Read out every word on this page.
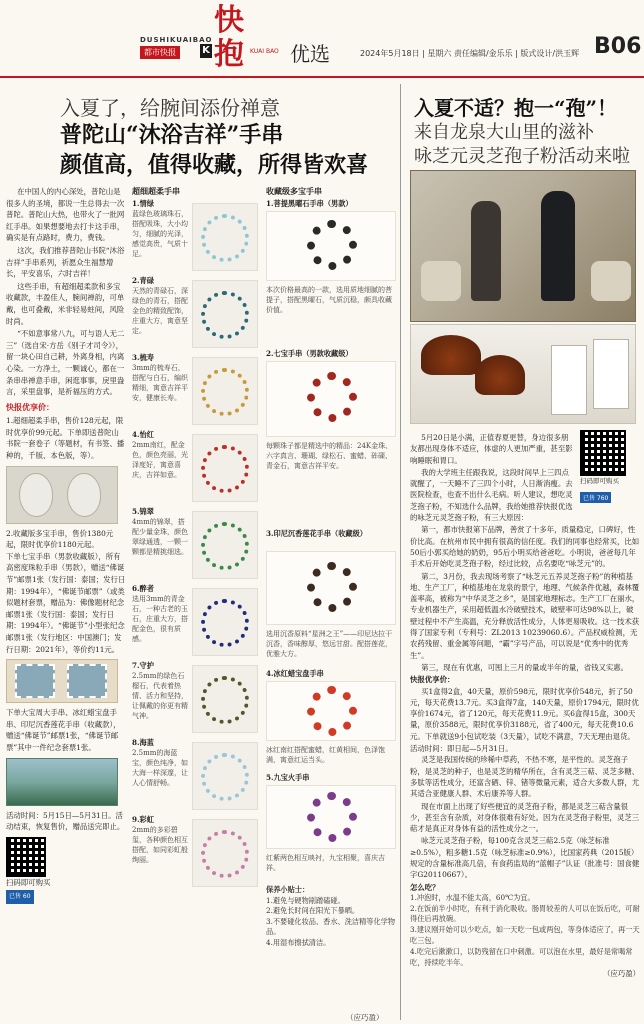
DUSHIKUAIBAO
都市快报	K
快
抱	KUAI BAO 优选	2024年5月18日 | 星期六 责任编辑/金乐乐 | 版式设计/洪玉辉 B06
入夏了，给腕间添份禅意
普陀山“沐浴吉祥”手串
颜值高，值得收藏，所得皆欢喜

在中国人的内心深处，普陀山是很多人的圣境，都说一生总得去一次普陀。普陀山大热，也带火了一批网红手串。如果想要地去打卡这手串，确实是有点路时，费力，费钱。

这次，我们推荐普陀山书院“沐浴吉祥”手串系列，祈愿众生福慧增长，平安喜乐，六时吉祥！

这些手串，有超细超柔款和多宝收藏款，丰盈佳人，腕间禅韵，可单戴，也可叠戴，米非轻易蛀间，风险时尚。

“不如意事常八九，可与语人无二三”（选自宋·方岳《别子才司令》），留一块心田自己耕，外离身相，内离心染。一方净土，一颗诚心，都在一条串串禅意手串，闲逛事事，戾里盎言，采里盘事，是祈福压的方式。

快报优享价：
1.超细超柔手串，售价128元起，限时优享价99元起。下单即送普陀山书院一套卷子（等题材，有书签、播种的，千版、本色版，等）。
2.收藏版多宝手串，售价1380元起，限时优享价1180元起。
下单七宝手串（男款收藏版），所有高密度珠粒手串（男款），赠送“佛诞节”邮票1张（发行国：泰国；发行日期：1994年），“佛诞节邮票”（或类似题材套票，赠品为：佛像题材纪念邮票1张（发行国：泰国；发行日期：1994年）。“佛诞节”小型张纪念邮票1张（发行地区：中国澳门；发行日期：2021年），等价约11元。
下单大宝周大手串、冰红蜡宝盘手串、印尼沉香莲花手串（收藏款），赠送“佛诞节”邮票1张，“佛诞节邮票”其中一件纪念套票1张。
活动时间：5月15日—5月31日。活动结束，恢复售价，赠品送完即止。
扫码即可购买
已售 60
超细超柔手串
1.情绿
蓝绿色玻璃珠石，搭配吸珠，大小均匀，细腻的光泽，感觉高贵，气质十足。
2.青碌
天然的青碌石，深绿色的青石，搭配金色的精致配饰，庄重大方，寓意坚定。
3.梳寿
3mm的梳寿石，搭配与白石，编织精细，寓意吉祥平安，健康长寿。
4.怡红
2mm南红，配金色，颜色亮丽，光泽度好，寓意喜庆，吉祥如意。
5.锦翠
4mm的锦翠，搭配少量金珠，颜色翠绿通透，一颗一颗都是精挑细选。
6.醉者
选用3mm的青金石，一种古老的玉石，庄重大方，搭配金色，很有质感。
7.守护
2.5mm的绿色石榴石，代表着热情、活力和坚持，让佩戴的你更有精气神。
8.海蓝
2.5mm的海蓝宝，颜色纯净，如大海一样深邃，让人心情舒畅。
9.彩虹
2mm的多彩碧玺，各种颜色相互搭配，如同彩虹般绚丽。
收藏级多宝手串
1.菩提黑曜石手串（男款）
本次价格最高的一款，选用质地细腻的菩提子，搭配黑曜石，气质沉稳，颇具收藏价值。
2.七宝手串（男款收藏级）
每颗珠子都是精选中的精品：24K金珠、六字真言、珊瑚、绿松石、蜜蜡、砗磲、青金石，寓意吉祥平安。
3.印尼沉香莲花手串（收藏级）
选用沉香原料“星洲之王”——印尼达拉干沉香，香味醇厚，悠远甘甜。配搭莲花，优雅大方。
4.冰红蜡宝盘手串
冰红南红搭配蜜蜡，红黄相间，色泽饱满，寓意红运当头。
5.九宝火手串
红紫两色相互映衬，九宝相聚，喜庆吉祥。
保养小贴士：
1.避免与硬物剐蹭磕碰。
2.避免长时间在阳光下暴晒。
3.不要碰化妆品、香水、洗洁精等化学物品。
4.用湿布擦拭清洁。
（应巧盈）
入夏不适？抱一“孢”！
来自龙泉大山里的滋补
咏芝元灵芝孢子粉活动来啦
扫码即可购买
已售 760

5月20日是小满，正值春夏更替，身边很多朋友都出现身体不适应，体虚的人更加严重，甚至影响睡眠和胃口。

我的大学班主任跟我说，这段时间早上三四点就醒了，一天睡不了三四个小时，人日渐消瘦。去医院检查，也查不出什么毛病。听人建议，想吃灵芝孢子粉，不知选什么品牌，我给她推荐快报优选的咏芝元灵芝孢子粉，有三大原因：

第一，都市快报第下品牌，善赏了十多年，质量稳定，口碑好，性价比高。在杭州市民中拥有很高的信任度。我们的同事也经常买，比如50后小郭买给她的奶奶，95后小明买给爸爸吃。小明说，爸爸每几年手术后开始吃灵芝孢子粉，经过比较，点名要吃“咏芝元”的。

第二，3月份，我去现场考察了“咏芝元五养灵芝孢子粉”的种植基地、生产工厂，种植基地在龙泉的景宁，地理、气候条件优越，森林覆盖率高，被称为“中华灵芝之乡”，是国家地理标志。生产工厂在丽水，专业机器生产，采用超低温水冷破壁技术，破壁率可达98%以上，破壁过程中不产生高温，充分释放活性成分，人体更易吸收。这一技术获得了国家专利（专利号：ZL2013 10239060.6）。产品权威检测，无农药残留、重金属等问题，“霸”字号产品，可以说是“优秀中的优秀生”。

第三，现在有优惠，可囤上三月的量或半年的量，省钱又实惠。

快报优享价：

买1盒得2盒，40天量，原价598元，限时优享价548元，折了50元，每天花费13.7元。买3盒得7盒，140天量，原价1794元，限时优享价1674元，省了120元，每天花费11.9元。买6盒得15盒，300天量，原价3588元，限时优享价3188元，省了400元，每天花费10.6元。下单就送9小包试吃装（3天量），试吃不满意，7天无理由退货。

活动时间：即日起—5月31日。

灵芝是我国传统的珍稀中草药，不热不寒，是平性的。灵芝孢子粉，是灵芝的种子，也是灵芝的精华所在，含有灵芝三萜、灵芝多糖、多肽等活性成分，还富含硒、锌、锗等微量元素，适合大多数人群，尤其适合亚健康人群、术后康养等人群。

现在市面上出现了好些便宜的灵芝孢子粉，都是灵芝三萜含量很少，甚至含有杂质，对身体很难有好处。因为在灵芝孢子粉里，灵芝三萜才是真正对身体有益的活性成分之一。

咏芝元灵芝孢子粉，每100克含灵芝三萜2.5克（咏芝标准≥0.5%），粗多糖1.5克（咏芝标准≥0.9%），比国家药典（2015版）规定的含量标准高几倍，有食药监局的“蓝帽子”认证（批准号：国食健字G20110667）。

怎么吃？
1.冲泡时，水温不能太高，60℃为宜。
2.在饭前半小时吃，有利于消化吸收。肠胃较差的人可以在饭后吃，可耐得住后再放碗。
3.建议刚开始可以少吃点，如一天吃一包或两包，等身体适应了，再一天吃三包。
4.吃完后漱漱口，以防残留在口中刺激。可以泡在水里，最好是常喝常吃，持续吃半年。
（应巧盈）
